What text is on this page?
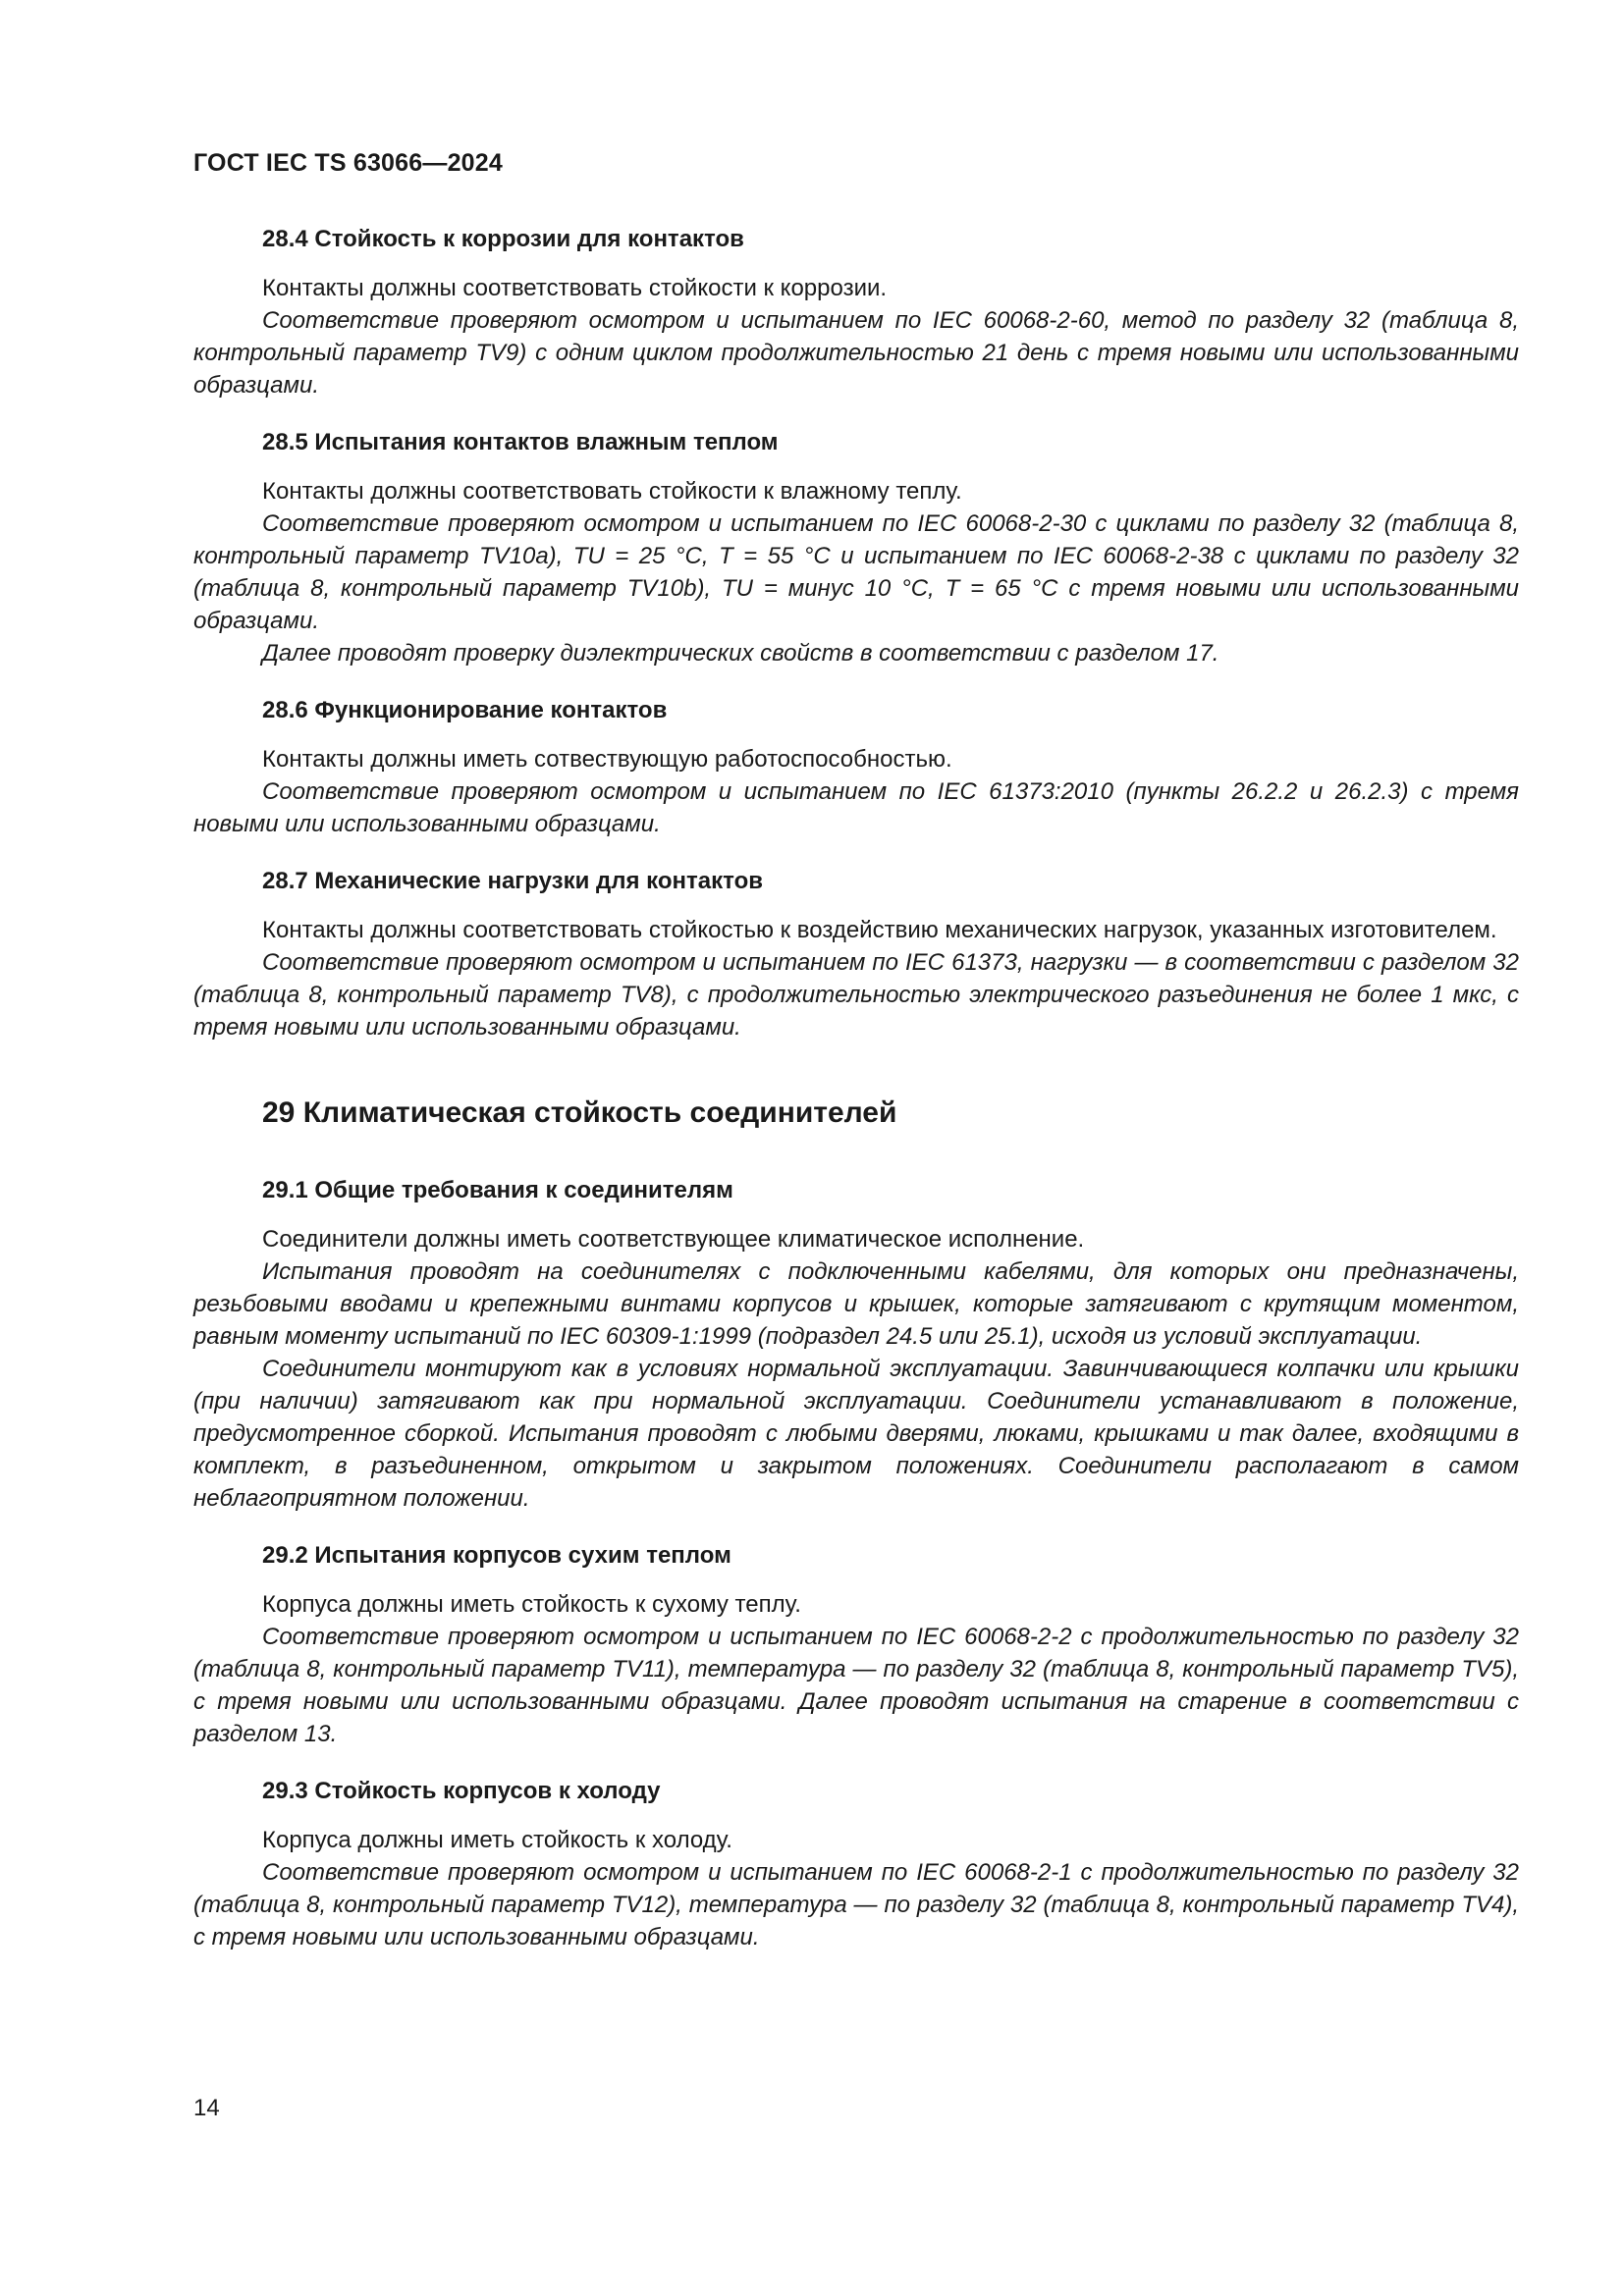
ГОСТ IEC TS 63066—2024
28.4 Стойкость к коррозии для контактов

Контакты должны соответствовать стойкости к коррозии.

Соответствие проверяют осмотром и испытанием по IEC 60068-2-60, метод по разделу 32 (таблица 8, контрольный параметр TV9) с одним циклом продолжительностью 21 день с тремя новыми или использованными образцами.

28.5 Испытания контактов влажным теплом

Контакты должны соответствовать стойкости к влажному теплу.

Соответствие проверяют осмотром и испытанием по IEC 60068-2-30 с циклами по разделу 32 (таблица 8, контрольный параметр TV10a), TU = 25 °C, T = 55 °C и испытанием по IEC 60068-2-38 с циклами по разделу 32 (таблица 8, контрольный параметр TV10b), TU = минус 10 °C, T = 65 °C с тремя новыми или использованными образцами.

Далее проводят проверку диэлектрических свойств в соответствии с разделом 17.

28.6 Функционирование контактов

Контакты должны иметь сотвествующую работоспособностью.

Соответствие проверяют осмотром и испытанием по IEC 61373:2010 (пункты 26.2.2 и 26.2.3) с тремя новыми или использованными образцами.

28.7 Механические нагрузки для контактов

Контакты должны соответствовать стойкостью к воздействию механических нагрузок, указанных изготовителем.

Соответствие проверяют осмотром и испытанием по IEC 61373, нагрузки — в соответствии с разделом 32 (таблица 8, контрольный параметр TV8), с продолжительностью электрического разъединения не более 1 мкс, с тремя новыми или использованными образцами.

29 Климатическая стойкость соединителей
29.1 Общие требования к соединителям

Соединители должны иметь соответствующее климатическое исполнение.

Испытания проводят на соединителях с подключенными кабелями, для которых они предназначены, резьбовыми вводами и крепежными винтами корпусов и крышек, которые затягивают с крутящим моментом, равным моменту испытаний по IEC 60309-1:1999 (подраздел 24.5 или 25.1), исходя из условий эксплуатации.

Соединители монтируют как в условиях нормальной эксплуатации. Завинчивающиеся колпачки или крышки (при наличии) затягивают как при нормальной эксплуатации. Соединители устанавливают в положение, предусмотренное сборкой. Испытания проводят с любыми дверями, люками, крышками и так далее, входящими в комплект, в разъединенном, открытом и закрытом положениях. Соединители располагают в самом неблагоприятном положении.

29.2 Испытания корпусов сухим теплом

Корпуса должны иметь стойкость к сухому теплу.

Соответствие проверяют осмотром и испытанием по IEC 60068-2-2 с продолжительностью по разделу 32 (таблица 8, контрольный параметр TV11), температура — по разделу 32 (таблица 8, контрольный параметр TV5), с тремя новыми или использованными образцами. Далее проводят испытания на старение в соответствии с разделом 13.

29.3 Стойкость корпусов к холоду

Корпуса должны иметь стойкость к холоду.

Соответствие проверяют осмотром и испытанием по IEC 60068-2-1 с продолжительностью по разделу 32 (таблица 8, контрольный параметр TV12), температура — по разделу 32 (таблица 8, контрольный параметр TV4), с тремя новыми или использованными образцами.

14
